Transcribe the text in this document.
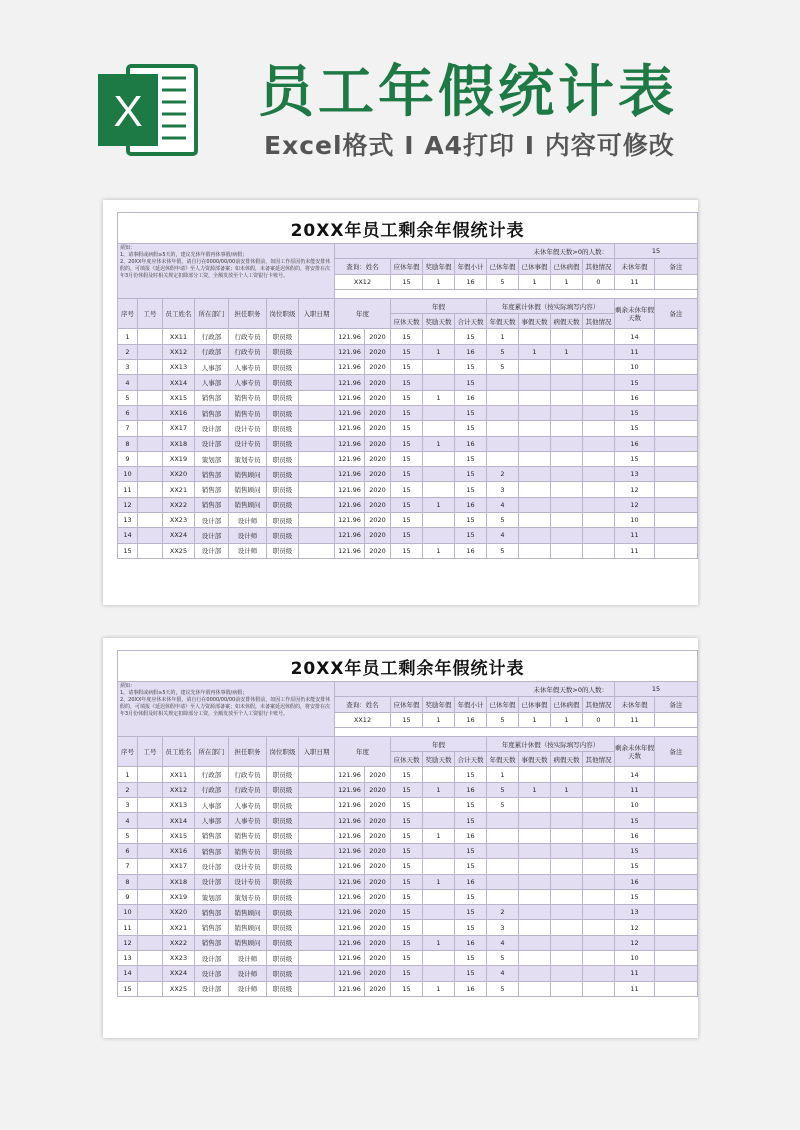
X 员工年假统计表
Excel格式 I A4打印 I 内容可修改
20XX年员工剩余年假统计表																	

须知：
1、请事假或病假≥5天的，建议先休年假再休事假/病假；
2、20XX年度应休未休年假，请自行在0000/00/00前安排休假前，如因工作原因仍未能安排休假的，可填报《延迟休假申请》至人力资源部备案；如未休假，未备案延迟休假的，将安排在次年3月份休假及时相关规定扣除部分工资，全额发放至个人工资银行卡账号。							未休年假天数>0的人数：									15	
							查询：姓名		应休年假	奖励年假	年假小计	已休年假	已休事假	已休病假	其他情况	未休年假	备注
							XX12		15	1	16	5	1	1	0	11	

序号	工号	员工姓名	所在部门	担任职务	岗位职级	入职日期	年度		年假			年度累计休假（按实际填写内容）				剩余未休年假天数	备注
									应休天数	奖励天数	合计天数	年假天数	事假天数	病假天数	其他情况		
1		XX11	行政部	行政专员	职员级		121.96	2020	15		15	1				14	
2		XX12	行政部	行政专员	职员级		121.96	2020	15	1	16	5	1	1		11	
3		XX13	人事部	人事专员	职员级		121.96	2020	15		15	5				10	
4		XX14	人事部	人事专员	职员级		121.96	2020	15		15					15	
5		XX15	销售部	销售专员	职员级		121.96	2020	15	1	16					16	
6		XX16	销售部	销售专员	职员级		121.96	2020	15		15					15	
7		XX17	设计部	设计专员	职员级		121.96	2020	15		15					15	
8		XX18	设计部	设计专员	职员级		121.96	2020	15	1	16					16	
9		XX19	策划部	策划专员	职员级		121.96	2020	15		15					15	
10		XX20	销售部	销售顾问	职员级		121.96	2020	15		15	2				13	
11		XX21	销售部	销售顾问	职员级		121.96	2020	15		15	3				12	
12		XX22	销售部	销售顾问	职员级		121.96	2020	15	1	16	4				12	
13		XX23	设计部	设计师	职员级		121.96	2020	15		15	5				10	
14		XX24	设计部	设计师	职员级		121.96	2020	15		15	4				11	
15		XX25	设计部	设计师	职员级		121.96	2020	15	1	16	5				11	
20XX年员工剩余年假统计表																	

须知：
1、请事假或病假≥5天的，建议先休年假再休事假/病假；
2、20XX年度应休未休年假，请自行在0000/00/00前安排休假前，如因工作原因仍未能安排休假的，可填报《延迟休假申请》至人力资源部备案；如未休假，未备案延迟休假的，将安排在次年3月份休假及时相关规定扣除部分工资，全额发放至个人工资银行卡账号。							未休年假天数>0的人数：									15	
							查询：姓名		应休年假	奖励年假	年假小计	已休年假	已休事假	已休病假	其他情况	未休年假	备注
							XX12		15	1	16	5	1	1	0	11	

序号	工号	员工姓名	所在部门	担任职务	岗位职级	入职日期	年度		年假			年度累计休假（按实际填写内容）				剩余未休年假天数	备注
									应休天数	奖励天数	合计天数	年假天数	事假天数	病假天数	其他情况		
1		XX11	行政部	行政专员	职员级		121.96	2020	15		15	1				14	
2		XX12	行政部	行政专员	职员级		121.96	2020	15	1	16	5	1	1		11	
3		XX13	人事部	人事专员	职员级		121.96	2020	15		15	5				10	
4		XX14	人事部	人事专员	职员级		121.96	2020	15		15					15	
5		XX15	销售部	销售专员	职员级		121.96	2020	15	1	16					16	
6		XX16	销售部	销售专员	职员级		121.96	2020	15		15					15	
7		XX17	设计部	设计专员	职员级		121.96	2020	15		15					15	
8		XX18	设计部	设计专员	职员级		121.96	2020	15	1	16					16	
9		XX19	策划部	策划专员	职员级		121.96	2020	15		15					15	
10		XX20	销售部	销售顾问	职员级		121.96	2020	15		15	2				13	
11		XX21	销售部	销售顾问	职员级		121.96	2020	15		15	3				12	
12		XX22	销售部	销售顾问	职员级		121.96	2020	15	1	16	4				12	
13		XX23	设计部	设计师	职员级		121.96	2020	15		15	5				10	
14		XX24	设计部	设计师	职员级		121.96	2020	15		15	4				11	
15		XX25	设计部	设计师	职员级		121.96	2020	15	1	16	5				11	
